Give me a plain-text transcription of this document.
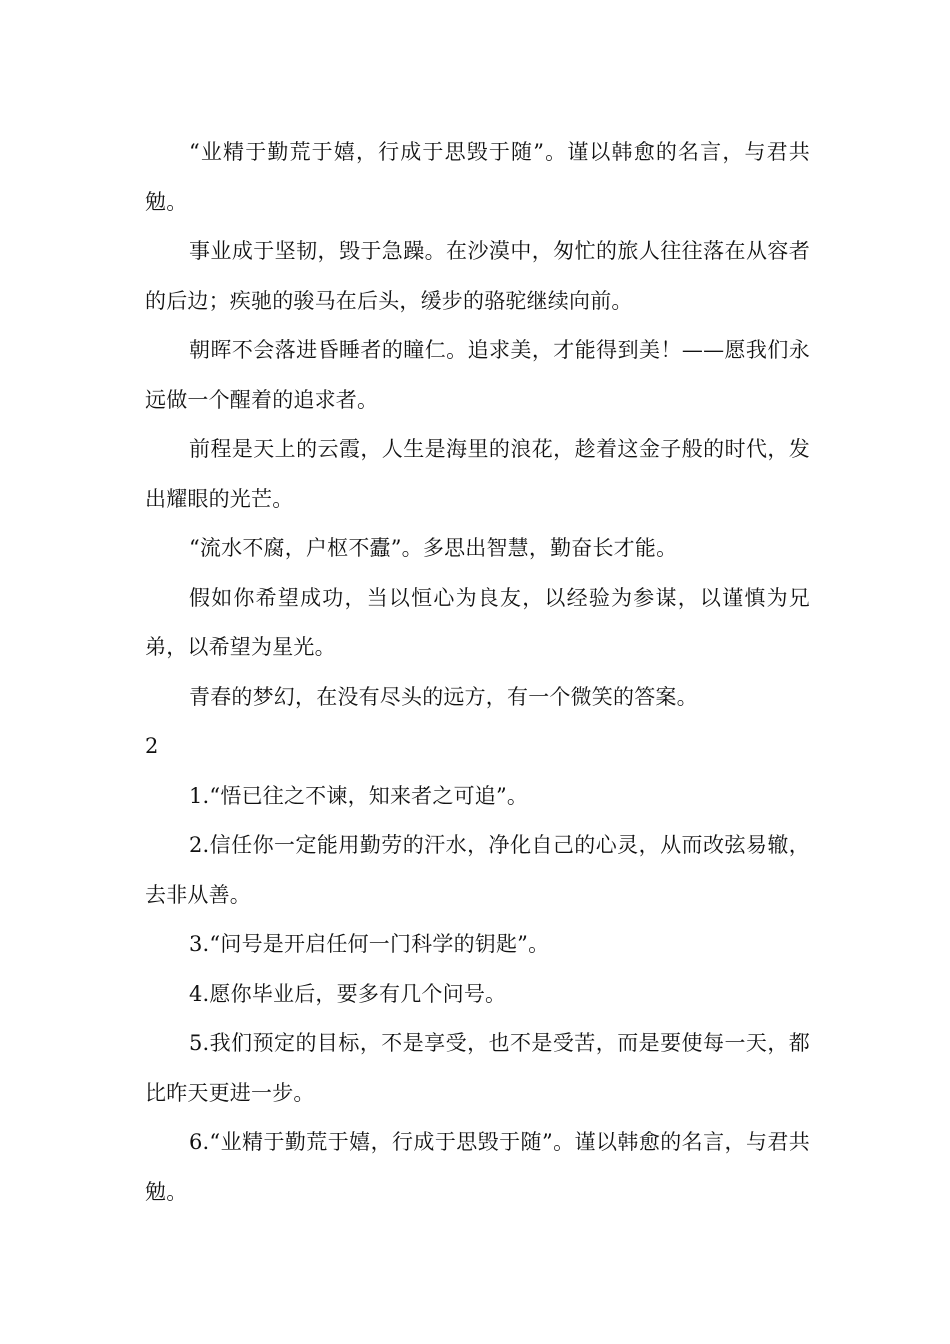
“业精于勤荒于嬉，行成于思毁于随”。谨以韩愈的名言，与君共勉。

事业成于坚韧，毁于急躁。在沙漠中，匆忙的旅人往往落在从容者的后边；疾驰的骏马在后头，缓步的骆驼继续向前。

朝晖不会落进昏睡者的瞳仁。追求美，才能得到美！——愿我们永远做一个醒着的追求者。

前程是天上的云霞，人生是海里的浪花，趁着这金子般的时代，发出耀眼的光芒。

“流水不腐，户枢不蠹”。多思出智慧，勤奋长才能。

假如你希望成功，当以恒心为良友，以经验为参谋，以谨慎为兄弟，以希望为星光。

青春的梦幻，在没有尽头的远方，有一个微笑的答案。

2

1.“悟已往之不谏，知来者之可追”。

2.信任你一定能用勤劳的汗水，净化自己的心灵，从而改弦易辙，去非从善。

3.“问号是开启任何一门科学的钥匙”。

4.愿你毕业后，要多有几个问号。

5.我们预定的目标，不是享受，也不是受苦，而是要使每一天，都比昨天更进一步。

6.“业精于勤荒于嬉，行成于思毁于随”。谨以韩愈的名言，与君共勉。
